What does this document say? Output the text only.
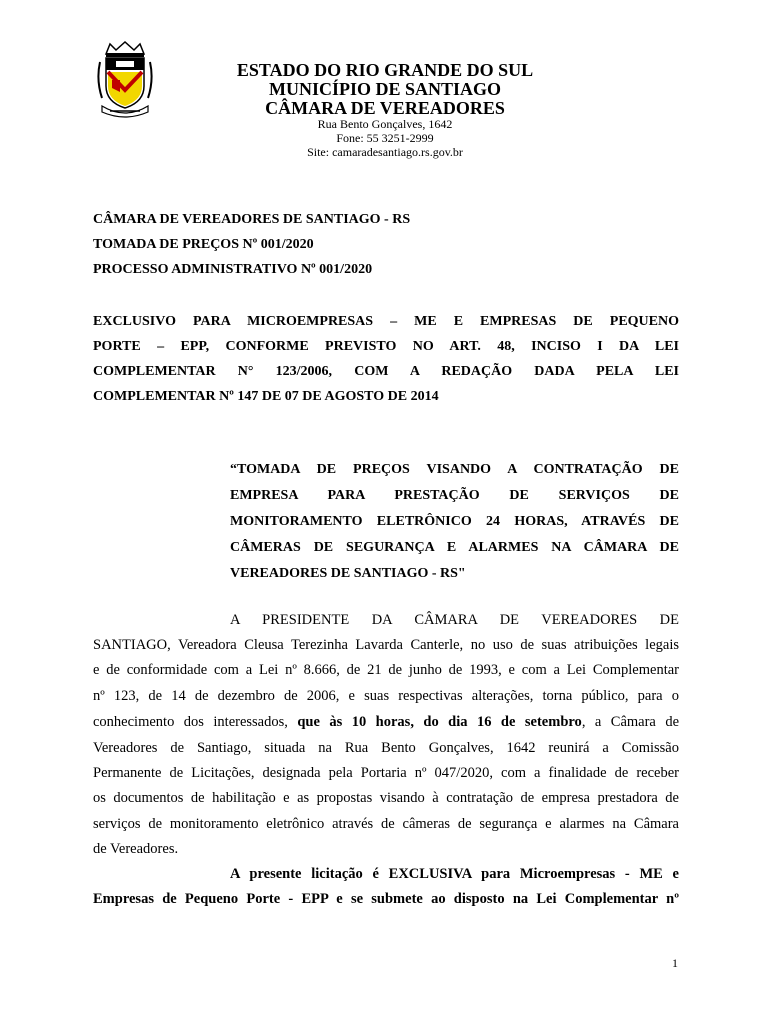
ESTADO DO RIO GRANDE DO SUL
MUNICÍPIO DE SANTIAGO
CÂMARA DE VEREADORES
Rua Bento Gonçalves, 1642
Fone: 55 3251-2999
Site: camaradesantiago.rs.gov.br
CÂMARA DE VEREADORES DE SANTIAGO - RS
TOMADA DE PREÇOS Nº 001/2020
PROCESSO ADMINISTRATIVO Nº 001/2020
EXCLUSIVO PARA MICROEMPRESAS – ME E EMPRESAS DE PEQUENO
PORTE – EPP, CONFORME PREVISTO NO ART. 48, INCISO I DA LEI
COMPLEMENTAR N° 123/2006, COM A REDAÇÃO DADA PELA LEI
COMPLEMENTAR Nº 147 DE 07 DE AGOSTO DE 2014
“TOMADA DE PREÇOS VISANDO A CONTRATAÇÃO DE
EMPRESA PARA PRESTAÇÃO DE SERVIÇOS DE
MONITORAMENTO ELETRÔNICO 24 HORAS, ATRAVÉS DE
CÂMERAS DE SEGURANÇA E ALARMES NA CÂMARA DE
VEREADORES DE SANTIAGO - RS"
A PRESIDENTE DA CÂMARA DE VEREADORES DE
SANTIAGO, Vereadora Cleusa Terezinha Lavarda Canterle, no uso de suas atribuições legais
e de conformidade com a Lei nº 8.666, de 21 de junho de 1993, e com a Lei Complementar
nº 123, de 14 de dezembro de 2006, e suas respectivas alterações, torna público, para o
conhecimento dos interessados, que às 10 horas, do dia 16 de setembro, a Câmara de
Vereadores de Santiago, situada na Rua Bento Gonçalves, 1642 reunirá a Comissão
Permanente de Licitações, designada pela Portaria nº 047/2020, com a finalidade de receber
os documentos de habilitação e as propostas visando à contratação de empresa prestadora de
serviços de monitoramento eletrônico através de câmeras de segurança e alarmes na Câmara
de Vereadores.
A presente licitação é EXCLUSIVA para Microempresas - ME e
Empresas de Pequeno Porte - EPP e se submete ao disposto na Lei Complementar nº
1
